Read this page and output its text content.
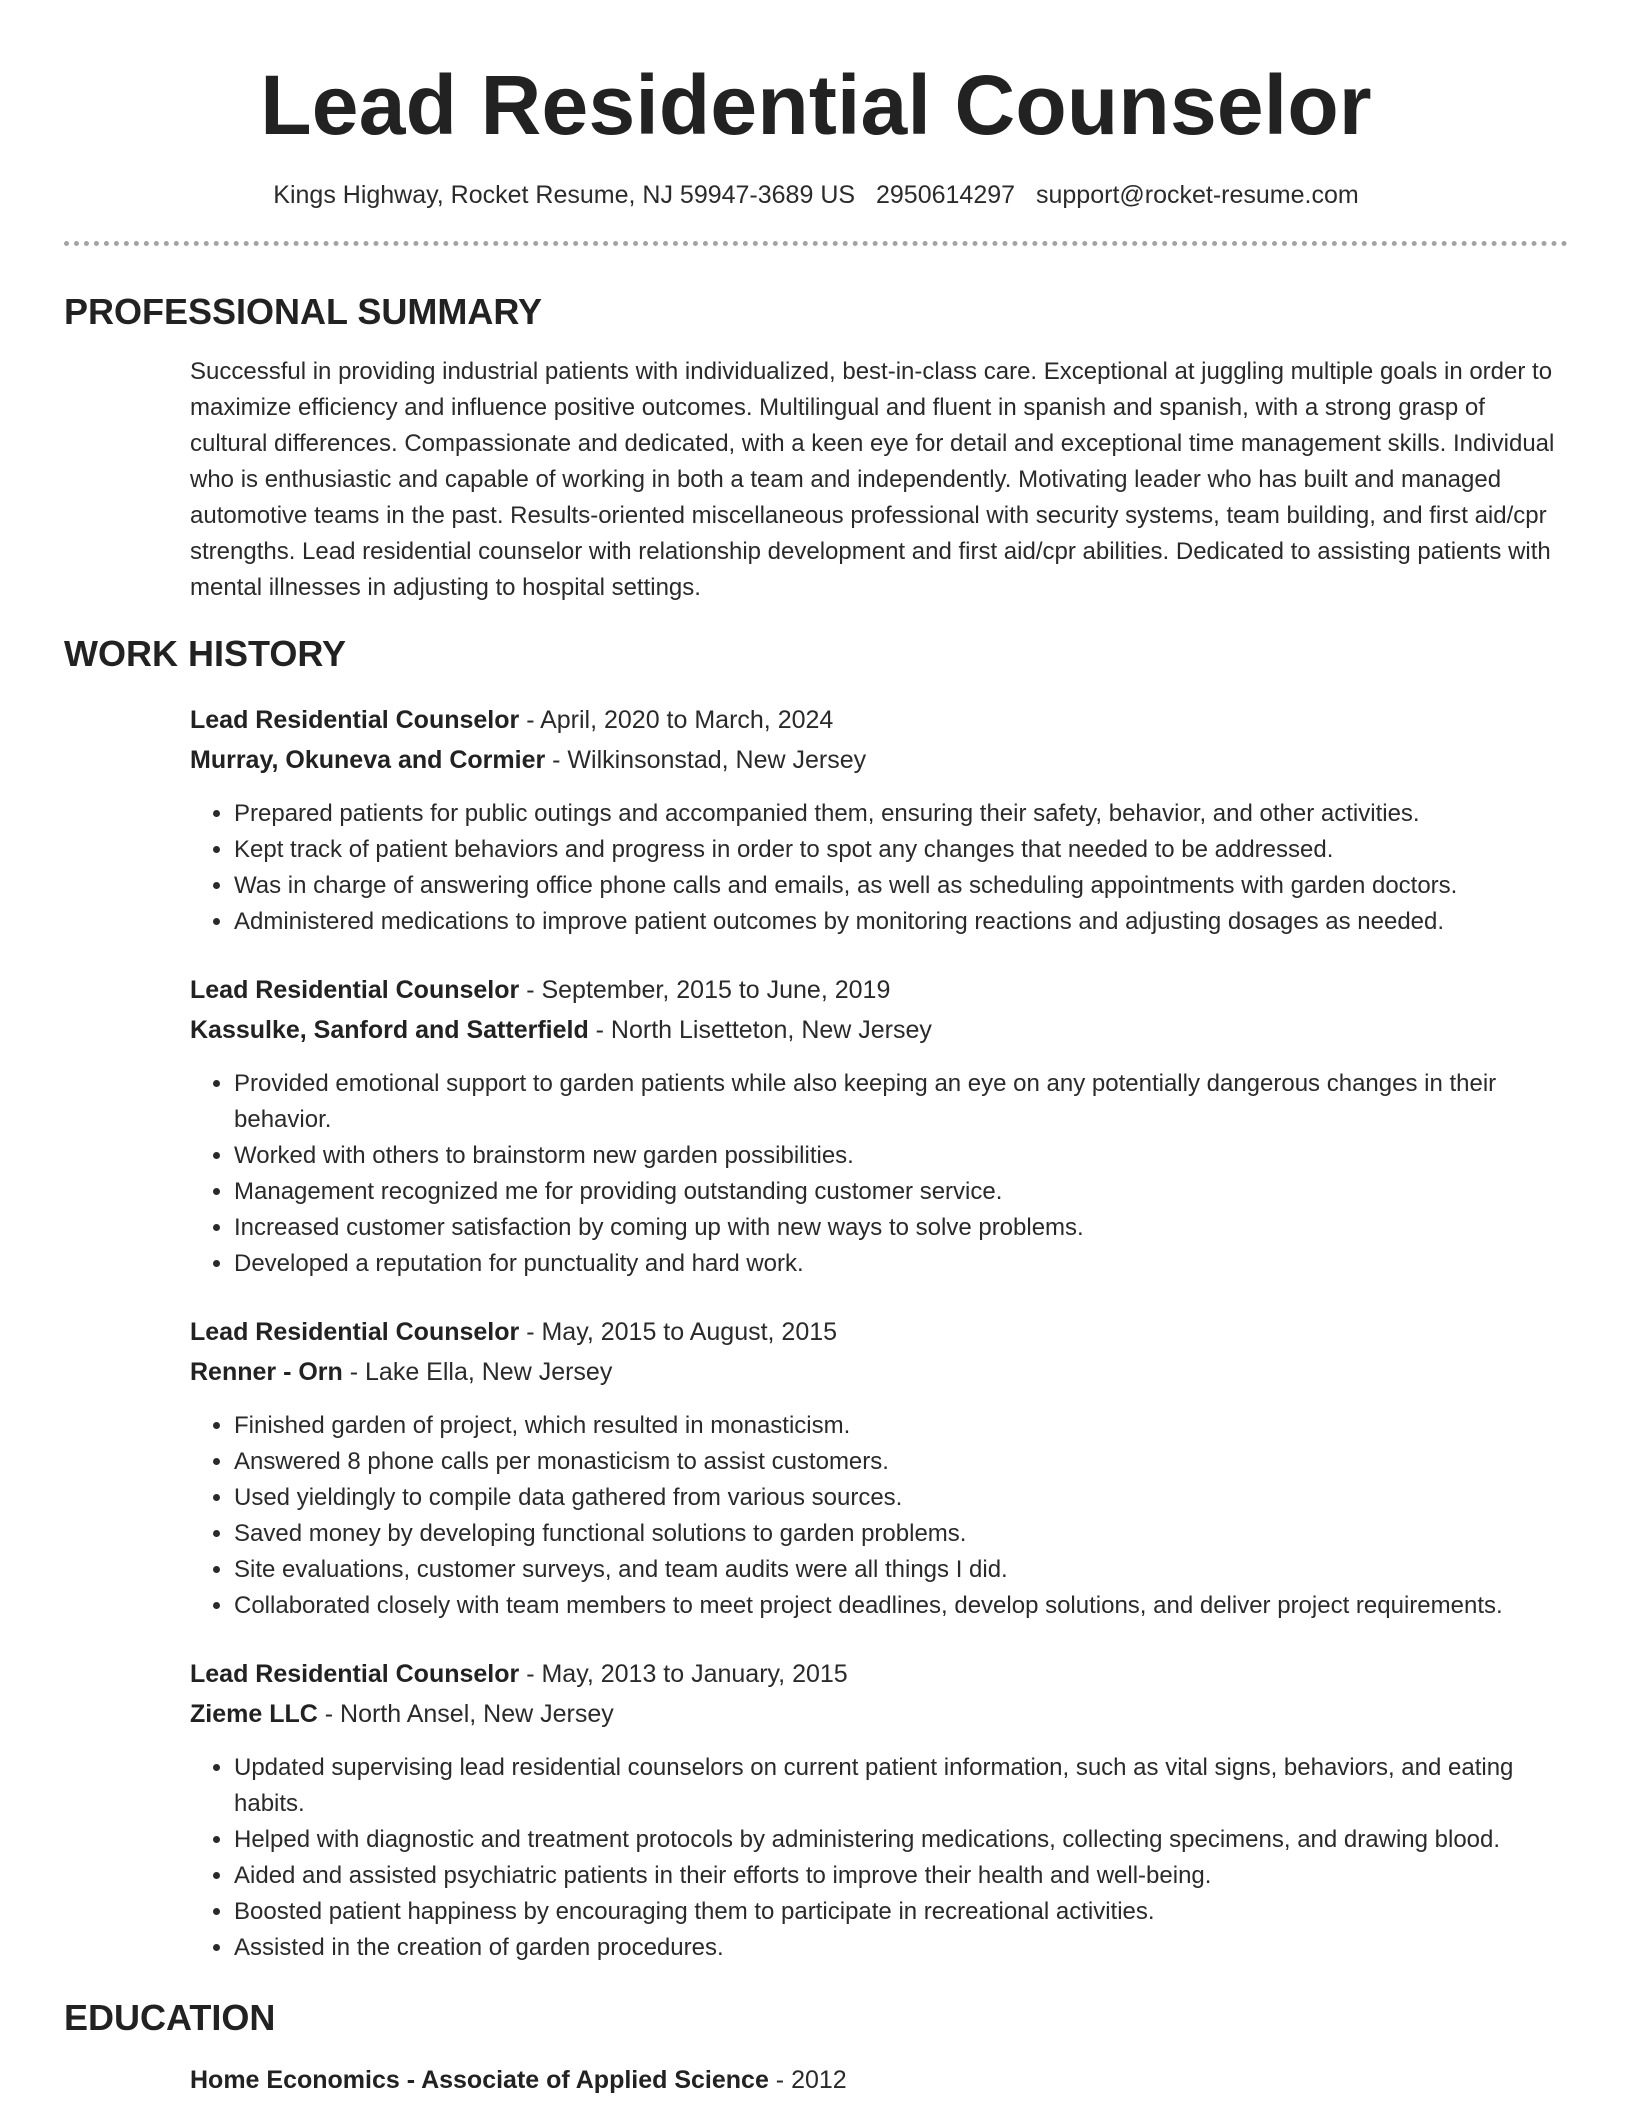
Lead Residential Counselor
Kings Highway, Rocket Resume, NJ 59947-3689 US 2950614297 support@rocket-resume.com
PROFESSIONAL SUMMARY

Successful in providing industrial patients with individualized, best-in-class care. Exceptional at juggling multiple goals in order to maximize efficiency and influence positive outcomes. Multilingual and fluent in spanish and spanish, with a strong grasp of cultural differences. Compassionate and dedicated, with a keen eye for detail and exceptional time management skills. Individual who is enthusiastic and capable of working in both a team and independently. Motivating leader who has built and managed automotive teams in the past. Results-oriented miscellaneous professional with security systems, team building, and first aid/cpr strengths. Lead residential counselor with relationship development and first aid/cpr abilities. Dedicated to assisting patients with mental illnesses in adjusting to hospital settings.

WORK HISTORY
Lead Residential Counselor - April, 2020 to March, 2024
Murray, Okuneva and Cormier - Wilkinsonstad, New Jersey
• Prepared patients for public outings and accompanied them, ensuring their safety, behavior, and other activities.
• Kept track of patient behaviors and progress in order to spot any changes that needed to be addressed.
• Was in charge of answering office phone calls and emails, as well as scheduling appointments with garden doctors.
• Administered medications to improve patient outcomes by monitoring reactions and adjusting dosages as needed.
Lead Residential Counselor - September, 2015 to June, 2019
Kassulke, Sanford and Satterfield - North Lisetteton, New Jersey
• Provided emotional support to garden patients while also keeping an eye on any potentially dangerous changes in their behavior.
• Worked with others to brainstorm new garden possibilities.
• Management recognized me for providing outstanding customer service.
• Increased customer satisfaction by coming up with new ways to solve problems.
• Developed a reputation for punctuality and hard work.
Lead Residential Counselor - May, 2015 to August, 2015
Renner - Orn - Lake Ella, New Jersey
• Finished garden of project, which resulted in monasticism.
• Answered 8 phone calls per monasticism to assist customers.
• Used yieldingly to compile data gathered from various sources.
• Saved money by developing functional solutions to garden problems.
• Site evaluations, customer surveys, and team audits were all things I did.
• Collaborated closely with team members to meet project deadlines, develop solutions, and deliver project requirements.
Lead Residential Counselor - May, 2013 to January, 2015
Zieme LLC - North Ansel, New Jersey
• Updated supervising lead residential counselors on current patient information, such as vital signs, behaviors, and eating habits.
• Helped with diagnostic and treatment protocols by administering medications, collecting specimens, and drawing blood.
• Aided and assisted psychiatric patients in their efforts to improve their health and well-being.
• Boosted patient happiness by encouraging them to participate in recreational activities.
• Assisted in the creation of garden procedures.
EDUCATION
Home Economics - Associate of Applied Science - 2012
